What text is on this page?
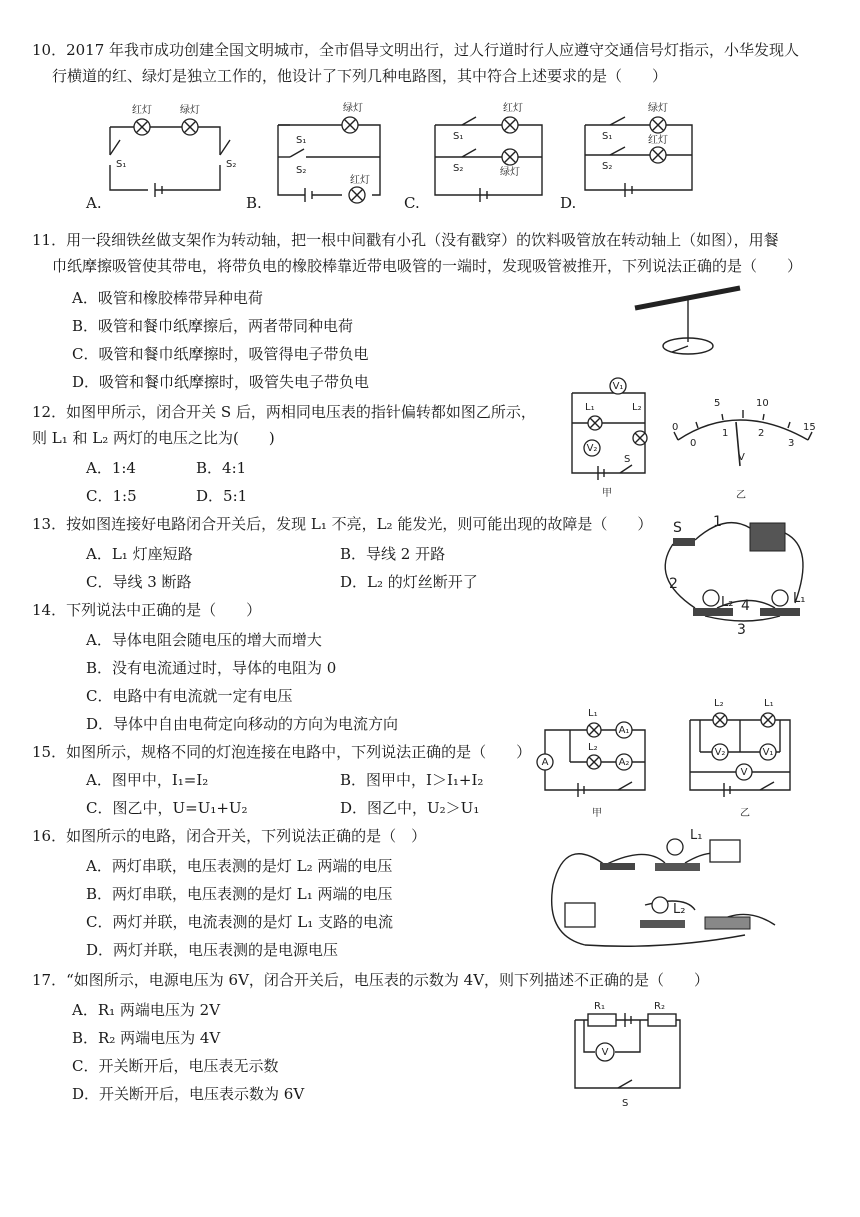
10．2017 年我市成功创建全国文明城市，全市倡导文明出行，过人行道时行人应遵守交通信号灯指示，小华发现人
行横道的红、绿灯是独立工作的，他设计了下列几种电路图，其中符合上述要求的是（　　）
红灯	绿灯
S₁	S₂
绿灯
红灯
S₁
S₂
红灯
绿灯
S₁
S₂
绿灯
红灯
S₁
S₂
A.	B.	C.	D.
11．用一段细铁丝做支架作为转动轴，把一根中间戳有小孔（没有戳穿）的饮料吸管放在转动轴上（如图），用餐
巾纸摩擦吸管使其带电，将带负电的橡胶棒靠近带电吸管的一端时，发现吸管被推开，下列说法正确的是（　　）
A．吸管和橡胶棒带异种电荷
B．吸管和餐巾纸摩擦后，两者带同种电荷
C．吸管和餐巾纸摩擦时，吸管得电子带负电
D．吸管和餐巾纸摩擦时，吸管失电子带负电
12．如图甲所示，闭合开关 S 后，两相同电压表的指针偏转都如图乙所示，
则 L₁ 和 L₂ 两灯的电压之比为(　　)
A．1:4	B．4:1
C．1:5	D．5:1
V₁
V₂
L₁	L₂
S
甲
0
5	10
15
0
1	2
3
V
乙
13．按如图连接好电路闭合开关后，发现 L₁ 不亮，L₂ 能发光，则可能出现的故障是（　　）
A．L₁ 灯座短路	B．导线 2 开路
C．导线 3 断路	D．L₂ 的灯丝断开了
S 1
2
3
4
L₂	L₁
14．下列说法中正确的是（　　）
A．导体电阻会随电压的增大而增大
B．没有电流通过时，导体的电阻为 0
C．电路中有电流就一定有电压
D．导体中自由电荷定向移动的方向为电流方向
15．如图所示，规格不同的灯泡连接在电路中，下列说法正确的是（　　）
A．图甲中，I₁=I₂	B．图甲中，I＞I₁+I₂
C．图乙中，U=U₁+U₂	D．图乙中，U₂＞U₁
A₁
A₂
A
L₁
L₂
甲
V₂	V₁
V
L₂	L₁
乙
16．如图所示的电路，闭合开关，下列说法正确的是（　）
A．两灯串联，电压表测的是灯 L₂ 两端的电压
B．两灯串联，电压表测的是灯 L₁ 两端的电压
C．两灯并联，电流表测的是灯 L₁ 支路的电流
D．两灯并联，电压表测的是电源电压
L₁
L₂
17．“如图所示，电源电压为 6V，闭合开关后，电压表的示数为 4V，则下列描述不正确的是（　　）
A．R₁ 两端电压为 2V
B．R₂ 两端电压为 4V
C．开关断开后，电压表无示数
D．开关断开后，电压表示数为 6V
V
R₁	R₂
S
